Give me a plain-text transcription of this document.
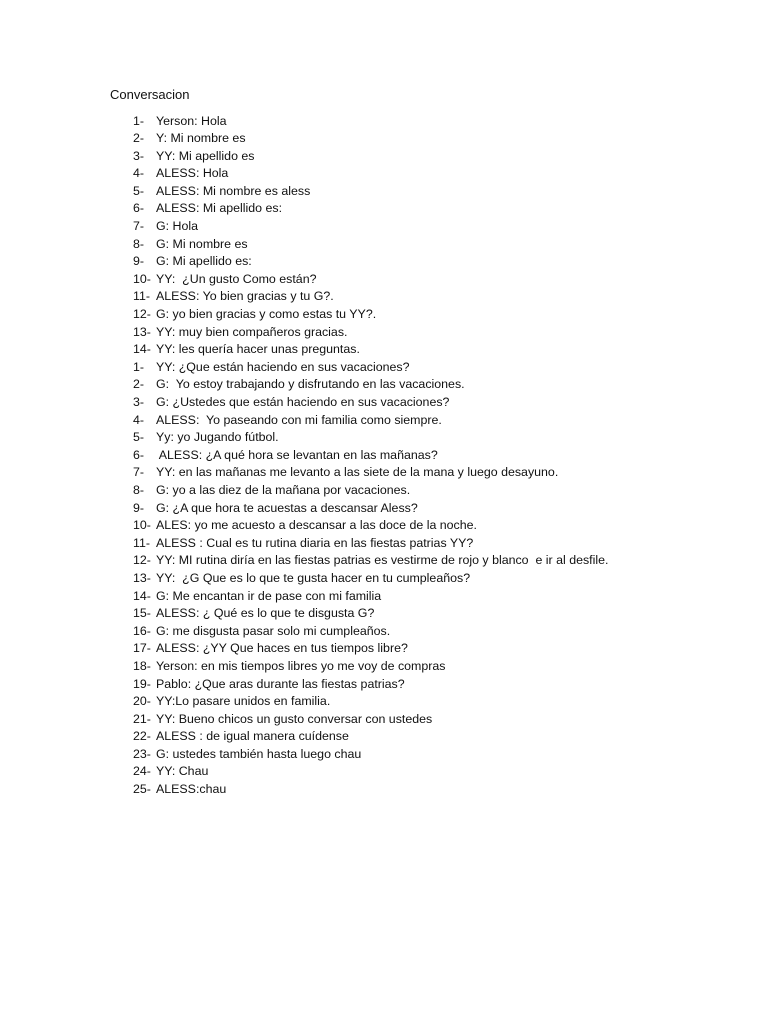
Conversacion
1- Yerson: Hola
2- Y: Mi nombre es
3- YY: Mi apellido es
4- ALESS: Hola
5- ALESS: Mi nombre es aless
6- ALESS: Mi apellido es:
7- G: Hola
8- G: Mi nombre es
9- G: Mi apellido es:
10- YY:  ¿Un gusto Como están?
11- ALESS: Yo bien gracias y tu G?.
12- G: yo bien gracias y como estas tu YY?.
13- YY: muy bien compañeros gracias.
14- YY: les quería hacer unas preguntas.
1- YY: ¿Que están haciendo en sus vacaciones?
2- G:  Yo estoy trabajando y disfrutando en las vacaciones.
3- G: ¿Ustedes que están haciendo en sus vacaciones?
4- ALESS:  Yo paseando con mi familia como siempre.
5- Yy: yo Jugando fútbol.
6- ALESS: ¿A qué hora se levantan en las mañanas?
7- YY: en las mañanas me levanto a las siete de la mana y luego desayuno.
8- G: yo a las diez de la mañana por vacaciones.
9- G: ¿A que hora te acuestas a descansar Aless?
10- ALES: yo me acuesto a descansar a las doce de la noche.
11- ALESS : Cual es tu rutina diaria en las fiestas patrias YY?
12- YY: MI rutina diría en las fiestas patrias es vestirme de rojo y blanco  e ir al desfile.
13- YY:  ¿G Que es lo que te gusta hacer en tu cumpleaños?
14- G: Me encantan ir de pase con mi familia
15- ALESS: ¿ Qué es lo que te disgusta G?
16- G: me disgusta pasar solo mi cumpleaños.
17- ALESS: ¿YY Que haces en tus tiempos libre?
18- Yerson: en mis tiempos libres yo me voy de compras
19- Pablo: ¿Que aras durante las fiestas patrias?
20- YY:Lo pasare unidos en familia.
21- YY: Bueno chicos un gusto conversar con ustedes
22- ALESS : de igual manera cuídense
23- G: ustedes también hasta luego chau
24- YY: Chau
25- ALESS:chau
